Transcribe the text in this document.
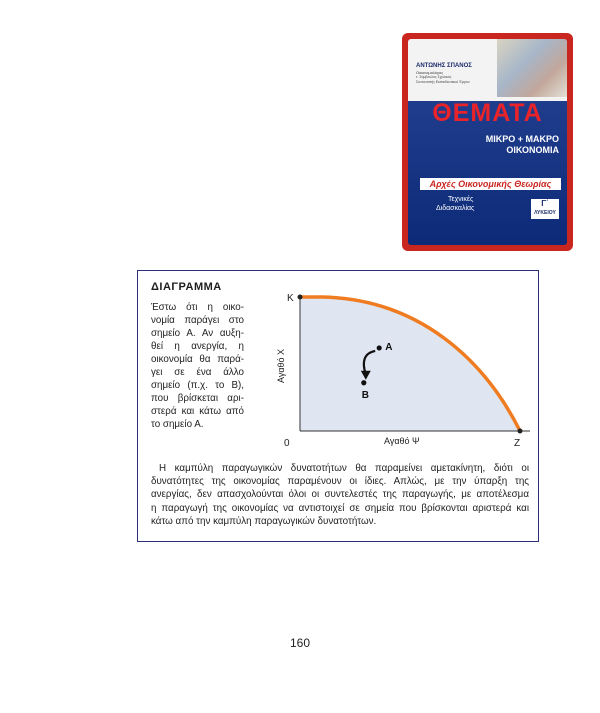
ΑΝΤΩΝΗΣ ΣΠΑΝΟΣ
Οικονομολόγος
τ. Σύμβουλος Σχολικός
Συντονιστής Εκπαιδευτικού Έργου
ΘΕΜΑΤΑ
ΜΙΚΡΟ + ΜΑΚΡΟ
ΟΙΚΟΝΟΜΙΑ
Αρχές Οικονομικής Θεωρίας
Τεχνικές
Διδασκαλίας
Γ΄
ΛΥΚΕΙΟΥ
ΔΙΑΓΡΑΜΜΑ
Έστω ότι η οικο-
νομία παράγει στο
σημείο Α. Αν αυξη-
θεί η ανεργία, η
οικονομία θα παρά-
γει σε ένα άλλο
σημείο (π.χ. το Β),
που βρίσκεται αρι-
στερά και κάτω από
το σημείο Α.
K
Z
0	Αγαθό Ψ
Αγαθό Χ
A
B
Η καμπύλη παραγωγικών δυνατοτήτων θα παραμείνει αμετακίνητη, διότι οι
δυνατότητες της οικονομίας παραμένουν οι ίδιες. Απλώς, με την ύπαρξη της
ανεργίας, δεν απασχολούνται όλοι οι συντελεστές της παραγωγής, με αποτέλεσμα
η παραγωγή της οικονομίας να αντιστοιχεί σε σημεία που βρίσκονται αριστερά και
κάτω από την καμπύλη παραγωγικών δυνατοτήτων.
160
